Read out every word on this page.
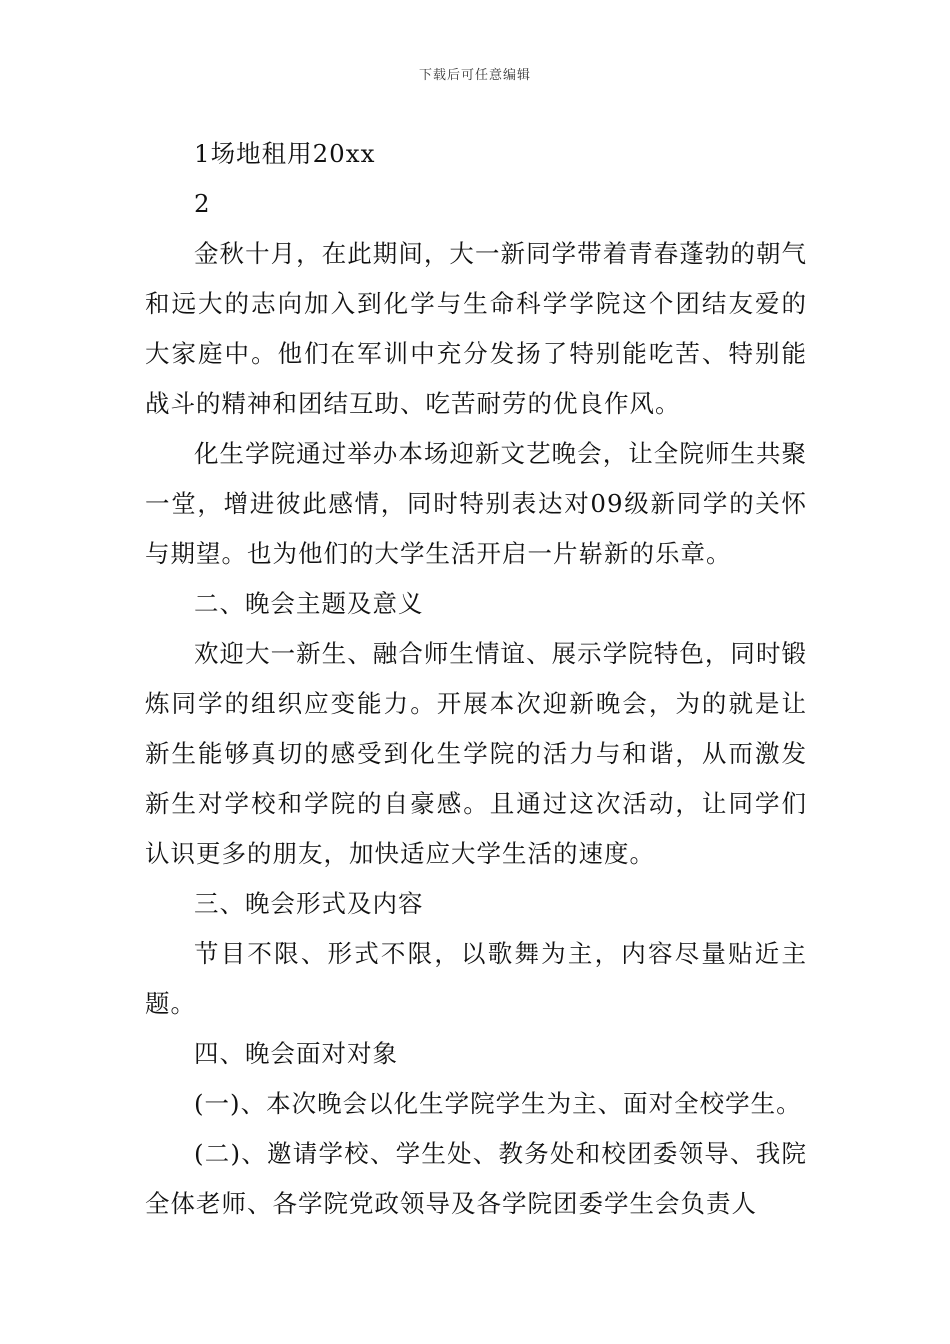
下载后可任意编辑

1场地租用20xx

2

金秋十月，在此期间，大一新同学带着青春蓬勃的朝气和远大的志向加入到化学与生命科学学院这个团结友爱的大家庭中。他们在军训中充分发扬了特别能吃苦、特别能战斗的精神和团结互助、吃苦耐劳的优良作风。

化生学院通过举办本场迎新文艺晚会，让全院师生共聚一堂，增进彼此感情，同时特别表达对09级新同学的关怀与期望。也为他们的大学生活开启一片崭新的乐章。

二、晚会主题及意义

欢迎大一新生、融合师生情谊、展示学院特色，同时锻炼同学的组织应变能力。开展本次迎新晚会，为的就是让新生能够真切的感受到化生学院的活力与和谐，从而激发新生对学校和学院的自豪感。且通过这次活动，让同学们认识更多的朋友，加快适应大学生活的速度。

三、晚会形式及内容

节目不限、形式不限，以歌舞为主，内容尽量贴近主题。

四、晚会面对对象

(一)、本次晚会以化生学院学生为主、面对全校学生。

(二)、邀请学校、学生处、教务处和校团委领导、我院全体老师、各学院党政领导及各学院团委学生会负责人
